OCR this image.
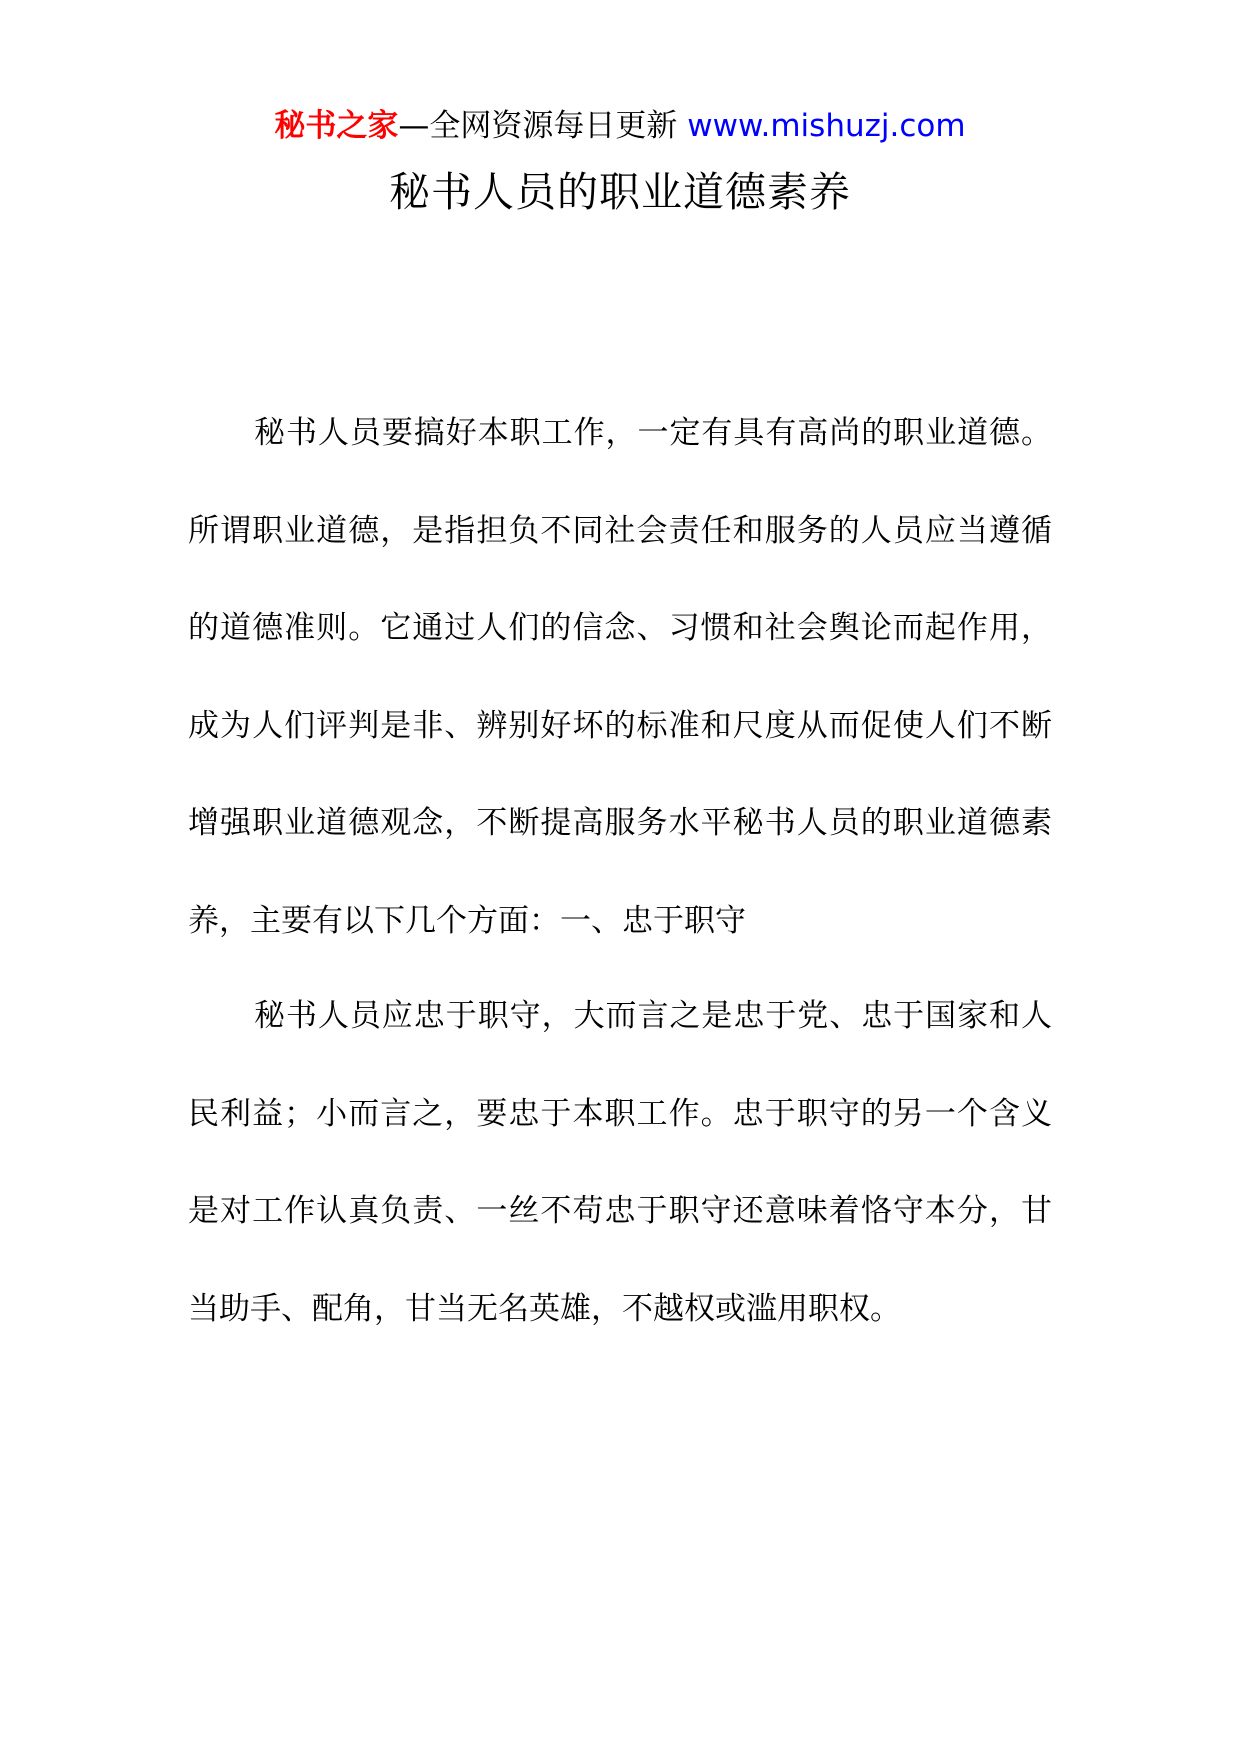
秘书之家—全网资源每日更新 www.mishuzj.com
秘书人员的职业道德素养

秘书人员要搞好本职工作，一定有具有高尚的职业道德。所谓职业道德，是指担负不同社会责任和服务的人员应当遵循的道德准则。它通过人们的信念、习惯和社会舆论而起作用，成为人们评判是非、辨别好坏的标准和尺度从而促使人们不断增强职业道德观念，不断提高服务水平秘书人员的职业道德素养，主要有以下几个方面：一、忠于职守

秘书人员应忠于职守，大而言之是忠于党、忠于国家和人民利益；小而言之，要忠于本职工作。忠于职守的另一个含义是对工作认真负责、一丝不苟忠于职守还意味着恪守本分，甘当助手、配角，甘当无名英雄，不越权或滥用职权。
